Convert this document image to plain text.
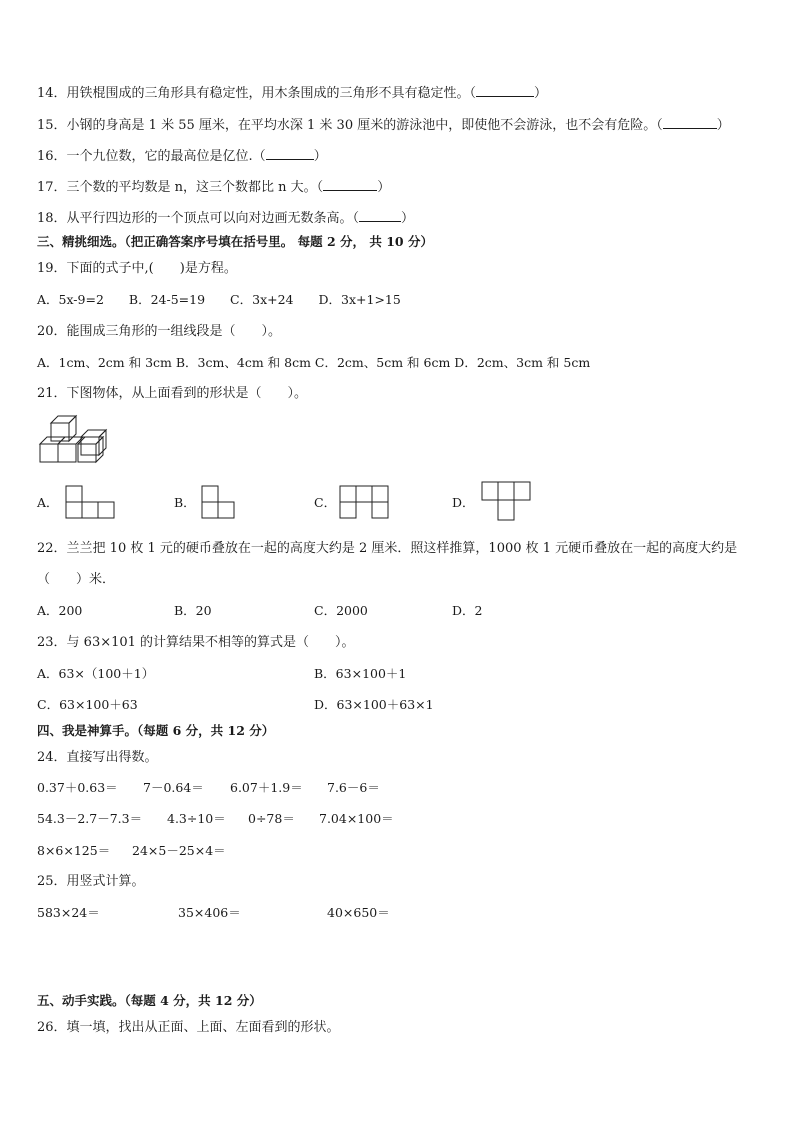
14．用铁棍围成的三角形具有稳定性，用木条围成的三角形不具有稳定性。（	）
15．小钢的身高是 1 米 55 厘米，在平均水深 1 米 30 厘米的游泳池中，即使他不会游泳，也不会有危险。（	）
16．一个九位数，它的最高位是亿位.（	）
17．三个数的平均数是 n，这三个数都比 n 大。（	）
18．从平行四边形的一个顶点可以向对边画无数条高。（	）
三、精挑细选。（把正确答案序号填在括号里。 每题 2 分， 共 10 分）
19．下面的式子中,(　　)是方程。
A．5x-9=2　　B．24-5=19　　C．3x+24　　D．3x+1>15
20．能围成三角形的一组线段是（　　）。
A．1cm、2cm 和 3cm B．3cm、4cm 和 8cm C．2cm、5cm 和 6cm D．2cm、3cm 和 5cm
21．下图物体，从上面看到的形状是（　　）。
A．	B．	C．	D．
22．兰兰把 10 枚 1 元的硬币叠放在一起的高度大约是 2 厘米．照这样推算，1000 枚 1 元硬币叠放在一起的高度大约是
（　　）米．
A．200	B．20	C．2000	D．2
23．与 63×101 的计算结果不相等的算式是（　　）。
A．63×（100＋1）	B．63×100＋1
C．63×100＋63	D．63×100＋63×1
四、我是神算手。（每题 6 分，共 12 分）
24．直接写出得数。
0.37＋0.63＝ 7－0.64＝ 6.07＋1.9＝ 7.6－6＝
54.3－2.7－7.3＝ 4.3÷10＝ 0÷78＝ 7.04×100＝
8×6×125＝ 24×5－25×4＝
25．用竖式计算。
583×24＝	35×406＝	40×650＝
五、动手实践。（每题 4 分，共 12 分）
26．填一填，找出从正面、上面、左面看到的形状。
